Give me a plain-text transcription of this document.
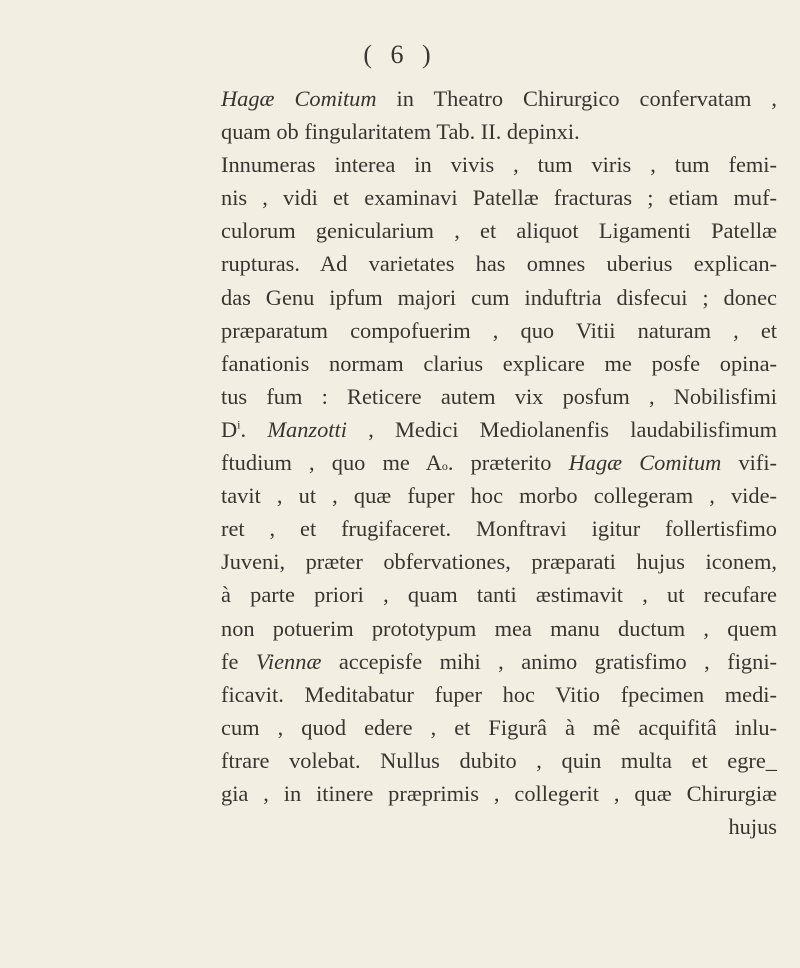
( 6 )
Hagæ Comitum in Theatro Chirurgico confervatam ,
quam ob fingularitatem Tab. II. depinxi.
Innumeras interea in vivis , tum viris , tum femi-
nis , vidi et examinavi Patellæ fracturas ; etiam muf-
culorum genicularium , et aliquot Ligamenti Patellæ
rupturas. Ad varietates has omnes uberius explican-
das Genu ipfum majori cum induftria disfecui ; donec
præparatum compofuerim , quo Vitii naturam , et
fanationis normam clarius explicare me posfe opina-
tus fum : Reticere autem vix posfum , Nobilisfimi
$D^i$. Manzotti , Medici Mediolanenfis laudabilisfimum
ftudium , quo me Ao. præterito Hagæ Comitum vifi-
tavit , ut , quæ fuper hoc morbo collegeram , vide-
ret , et frugifaceret. Monftravi igitur follertisfimo
Juveni, præter obfervationes, præparati hujus iconem,
à parte priori , quam tanti æstimavit , ut recufare
non potuerim prototypum mea manu ductum , quem
fe Viennæ accepisfe mihi , animo gratisfimo , figni-
ficavit. Meditabatur fuper hoc Vitio fpecimen medi-
cum , quod edere , et Figurâ à mê acquifitâ inlu-
ftrare volebat. Nullus dubito , quin multa et egre_
gia , in itinere præprimis , collegerit , quæ Chirurgiæ
hujus
